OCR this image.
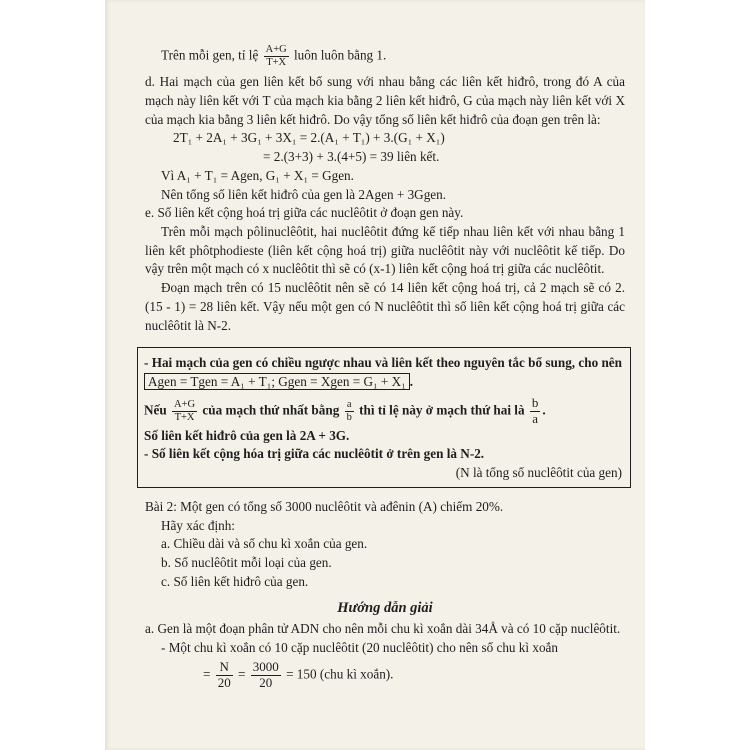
Trên mỗi gen, tỉ lệ $\frac{A+G}{T+X}$ luôn luôn bằng 1.

d. Hai mạch của gen liên kết bổ sung với nhau bằng các liên kết hiđrô, trong đó A của mạch này liên kết với T của mạch kia bằng 2 liên kết hiđrô, G của mạch này liên kết với X của mạch kia bằng 3 liên kết hiđrô. Do vậy tổng số liên kết hiđrô của đoạn gen trên là:

2T₁ + 2A₁ + 3G₁ + 3X₁ = 2.(A₁ + T₁) + 3.(G₁ + X₁)

= 2.(3+3) + 3.(4+5) = 39 liên kết.

Vì A₁ + T₁ = Agen, G₁ + X₁ = Ggen.

Nên tổng số liên kết hiđrô của gen là 2Agen + 3Ggen.

e. Số liên kết cộng hoá trị giữa các nuclêôtit ở đoạn gen này.

Trên mỗi mạch pôlinuclêôtit, hai nuclêôtit đứng kế tiếp nhau liên kết với nhau bằng 1 liên kết phôtphodieste (liên kết cộng hoá trị) giữa nuclêôtit này với nuclêôtit kế tiếp. Do vậy trên một mạch có x nuclêôtit thì sẽ có (x-1) liên kết cộng hoá trị giữa các nuclêôtit.

Đoạn mạch trên có 15 nuclêôtit nên sẽ có 14 liên kết cộng hoá trị, cả 2 mạch sẽ có 2.(15 - 1) = 28 liên kết. Vậy nếu một gen có N nuclêôtit thì số liên kết cộng hoá trị giữa các nuclêôtit là N-2.

- Hai mạch của gen có chiều ngược nhau và liên kết theo nguyên tắc bổ sung, cho nên Agen = Tgen = A₁ + T₁; Ggen = Xgen = G₁ + X₁ .

Nếu $\frac{A+G}{T+X}$ của mạch thứ nhất bằng $\frac{a}{b}$ thì tỉ lệ này ở mạch thứ hai là $\frac{b}{a}$ .

Số liên kết hiđrô của gen là 2A + 3G.

- Số liên kết cộng hóa trị giữa các nuclêôtit ở trên gen là N-2.

(N là tổng số nuclêôtit của gen)

Bài 2: Một gen có tổng số 3000 nuclêôtit và ađênin (A) chiếm 20%.

Hãy xác định:

a. Chiều dài và số chu kì xoắn của gen.

b. Số nuclêôtit mỗi loại của gen.

c. Số liên kết hiđrô của gen.

Hướng dẫn giải

a. Gen là một đoạn phân tử ADN cho nên mỗi chu kì xoắn dài 34Å và có 10 cặp nuclêôtit.

- Một chu kì xoắn có 10 cặp nuclêôtit (20 nuclêôtit) cho nên số chu kì xoắn

= $\frac{N}{20} = \frac{3000}{20} = 150$ (chu kì xoắn).
